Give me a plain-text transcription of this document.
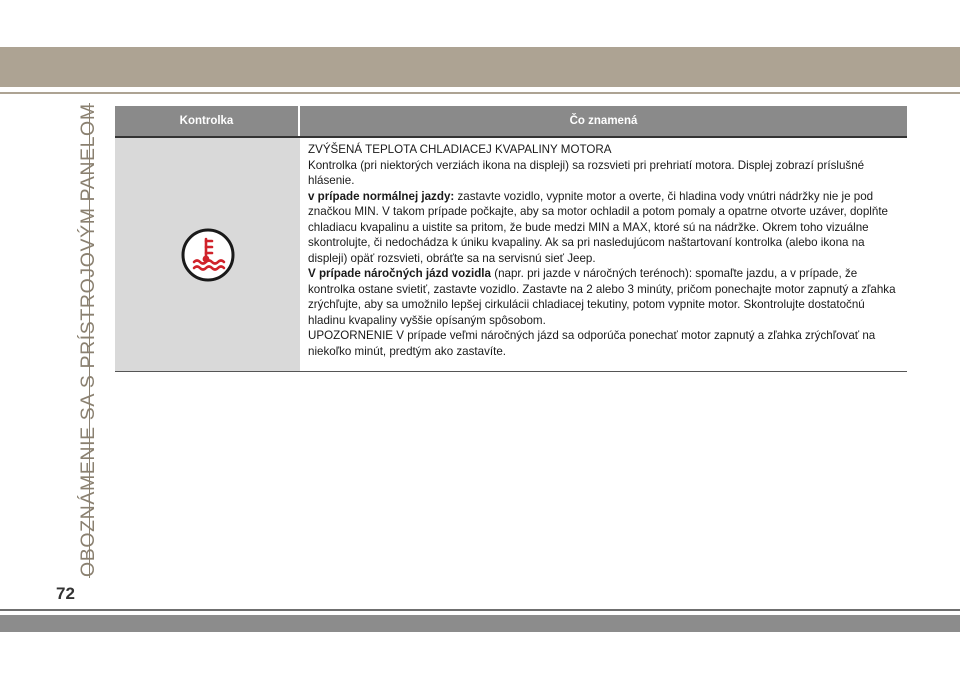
OBOZNÁMENIE SA S PRÍSTROJOVÝM PANELOM	Kontrolka	Čo znamená

ZVÝŠENÁ TEPLOTA CHLADIACEJ KVAPALINY MOTORA

Kontrolka (pri niektorých verziách ikona na displeji) sa rozsvieti pri prehriatí motora. Displej zobrazí príslušné hlásenie.

v prípade normálnej jazdy: zastavte vozidlo, vypnite motor a overte, či hladina vody vnútri nádržky nie je pod značkou MIN. V takom prípade počkajte, aby sa motor ochladil a potom pomaly a opatrne otvorte uzáver, doplňte chladiacu kvapalinu a uistite sa pritom, že bude medzi MIN a MAX, ktoré sú na nádržke. Okrem toho vizuálne skontrolujte, či nedochádza k úniku kvapaliny. Ak sa pri nasledujúcom naštartovaní kontrolka (alebo ikona na displeji) opäť rozsvieti, obráťte sa na servisnú sieť Jeep.

V prípade náročných jázd vozidla (napr. pri jazde v náročných terénoch): spomaľte jazdu, a v prípade, že kontrolka ostane svietiť, zastavte vozidlo. Zastavte na 2 alebo 3 minúty, pričom ponechajte motor zapnutý a zľahka zrýchľujte, aby sa umožnilo lepšej cirkulácii chladiacej tekutiny, potom vypnite motor. Skontrolujte dostatočnú hladinu kvapaliny vyššie opísaným spôsobom.

UPOZORNENIE V prípade veľmi náročných jázd sa odporúča ponechať motor zapnutý a zľahka zrýchľovať na niekoľko minút, predtým ako zastavíte.

72
